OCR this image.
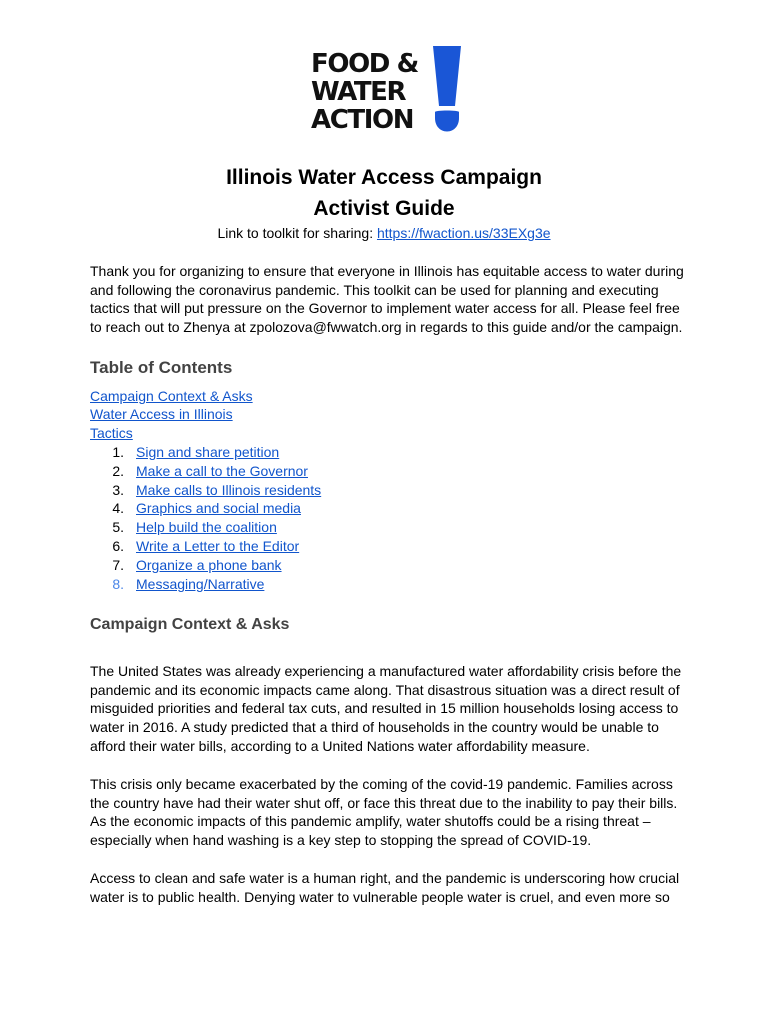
FOOD &
WATER
ACTION
Illinois Water Access Campaign
Activist Guide
Link to toolkit for sharing: https://fwaction.us/33EXg3e
Thank you for organizing to ensure that everyone in Illinois has equitable access to water during
and following the coronavirus pandemic. This toolkit can be used for planning and executing
tactics that will put pressure on the Governor to implement water access for all. Please feel free
to reach out to Zhenya at zpolozova@fwwatch.org in regards to this guide and/or the campaign.
Table of Contents
Campaign Context & Asks
Water Access in Illinois
Tactics
1. Sign and share petition
2. Make a call to the Governor
3. Make calls to Illinois residents
4. Graphics and social media
5. Help build the coalition
6. Write a Letter to the Editor
7. Organize a phone bank
8. Messaging/Narrative
Campaign Context & Asks
The United States was already experiencing a manufactured water affordability crisis before the
pandemic and its economic impacts came along. That disastrous situation was a direct result of
misguided priorities and federal tax cuts, and resulted in 15 million households losing access to
water in 2016. A study predicted that a third of households in the country would be unable to
afford their water bills, according to a United Nations water affordability measure.
This crisis only became exacerbated by the coming of the covid-19 pandemic. Families across
the country have had their water shut off, or face this threat due to the inability to pay their bills.
As the economic impacts of this pandemic amplify, water shutoffs could be a rising threat –
especially when hand washing is a key step to stopping the spread of COVID-19.
Access to clean and safe water is a human right, and the pandemic is underscoring how crucial
water is to public health. Denying water to vulnerable people water is cruel, and even more so
